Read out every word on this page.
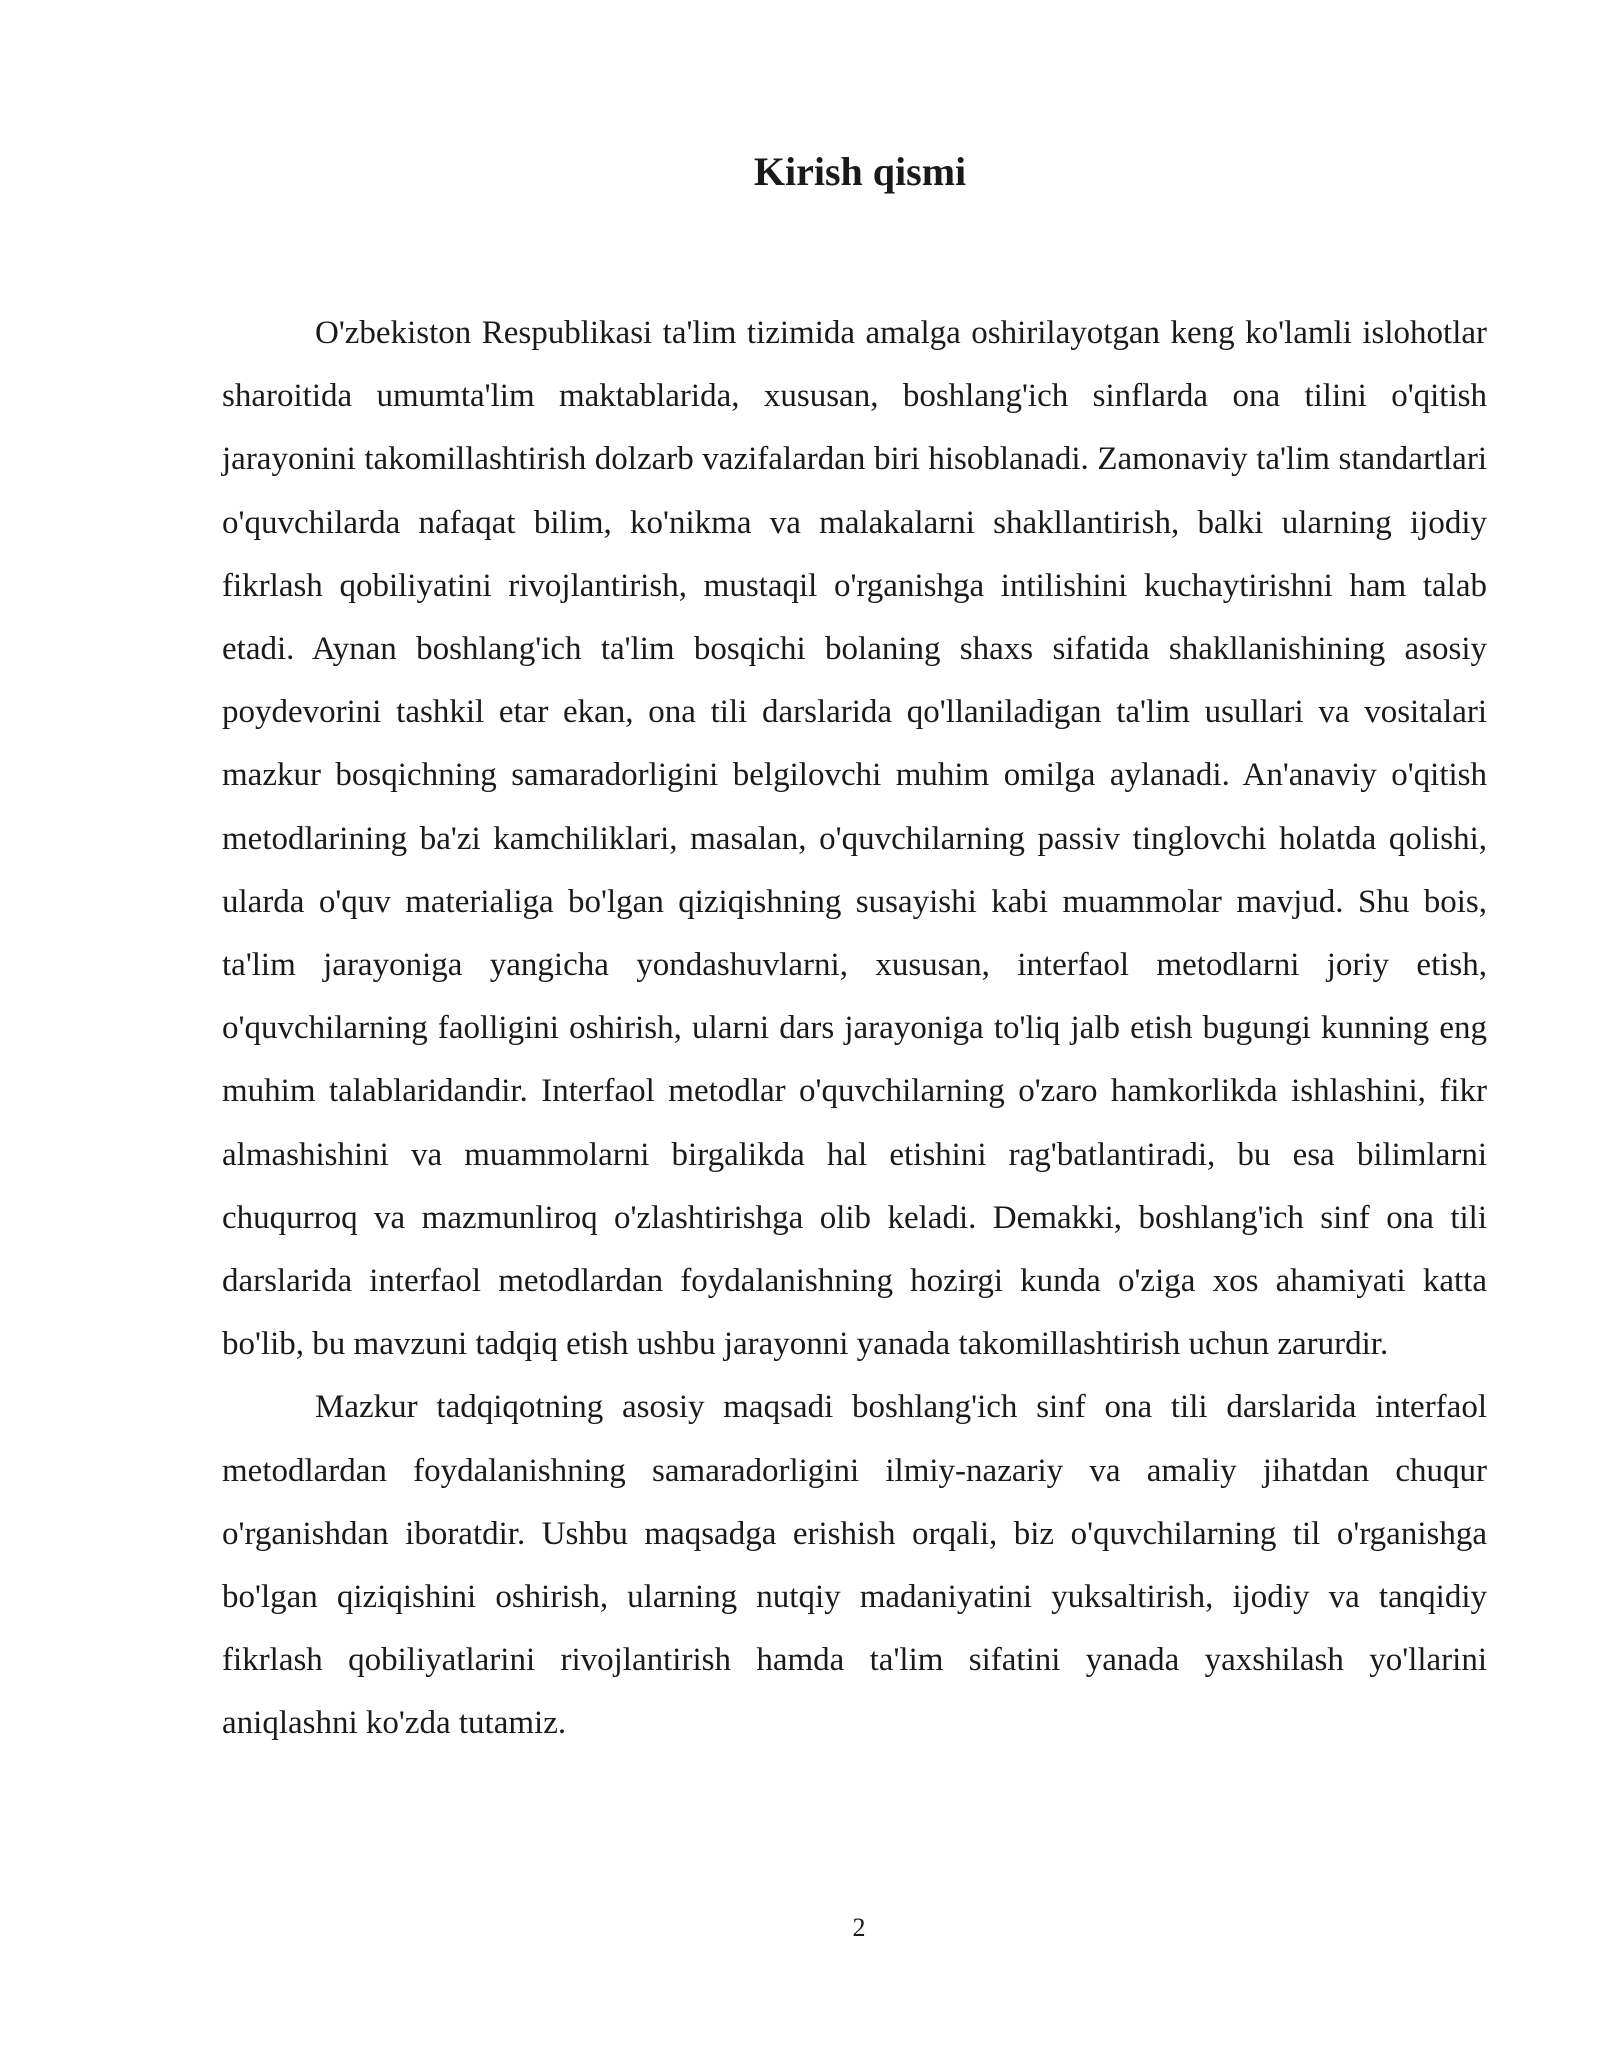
Kirish qismi

O'zbekiston Respublikasi ta'lim tizimida amalga oshirilayotgan keng ko'lamli islohotlar sharoitida umumta'lim maktablarida, xususan, boshlang'ich sinflarda ona tilini o'qitish jarayonini takomillashtirish dolzarb vazifalardan biri hisoblanadi. Zamonaviy ta'lim standartlari o'quvchilarda nafaqat bilim, ko'nikma va malakalarni shakllantirish, balki ularning ijodiy fikrlash qobiliyatini rivojlantirish, mustaqil o'rganishga intilishini kuchaytirishni ham talab etadi. Aynan boshlang'ich ta'lim bosqichi bolaning shaxs sifatida shakllanishining asosiy poydevorini tashkil etar ekan, ona tili darslarida qo'llaniladigan ta'lim usullari va vositalari mazkur bosqichning samaradorligini belgilovchi muhim omilga aylanadi. An'anaviy o'qitish metodlarining ba'zi kamchiliklari, masalan, o'quvchilarning passiv tinglovchi holatda qolishi, ularda o'quv materialiga bo'lgan qiziqishning susayishi kabi muammolar mavjud. Shu bois, ta'lim jarayoniga yangicha yondashuvlarni, xususan, interfaol metodlarni joriy etish, o'quvchilarning faolligini oshirish, ularni dars jarayoniga to'liq jalb etish bugungi kunning eng muhim talablaridandir. Interfaol metodlar o'quvchilarning o'zaro hamkorlikda ishlashini, fikr almashishini va muammolarni birgalikda hal etishini rag'batlantiradi, bu esa bilimlarni chuqurroq va mazmunliroq o'zlashtirishga olib keladi. Demakki, boshlang'ich sinf ona tili darslarida interfaol metodlardan foydalanishning hozirgi kunda o'ziga xos ahamiyati katta bo'lib, bu mavzuni tadqiq etish ushbu jarayonni yanada takomillashtirish uchun zarurdir.

Mazkur tadqiqotning asosiy maqsadi boshlang'ich sinf ona tili darslarida interfaol metodlardan foydalanishning samaradorligini ilmiy-nazariy va amaliy jihatdan chuqur o'rganishdan iboratdir. Ushbu maqsadga erishish orqali, biz o'quvchilarning til o'rganishga bo'lgan qiziqishini oshirish, ularning nutqiy madaniyatini yuksaltirish, ijodiy va tanqidiy fikrlash qobiliyatlarini rivojlantirish hamda ta'lim sifatini yanada yaxshilash yo'llarini aniqlashni ko'zda tutamiz.

2
